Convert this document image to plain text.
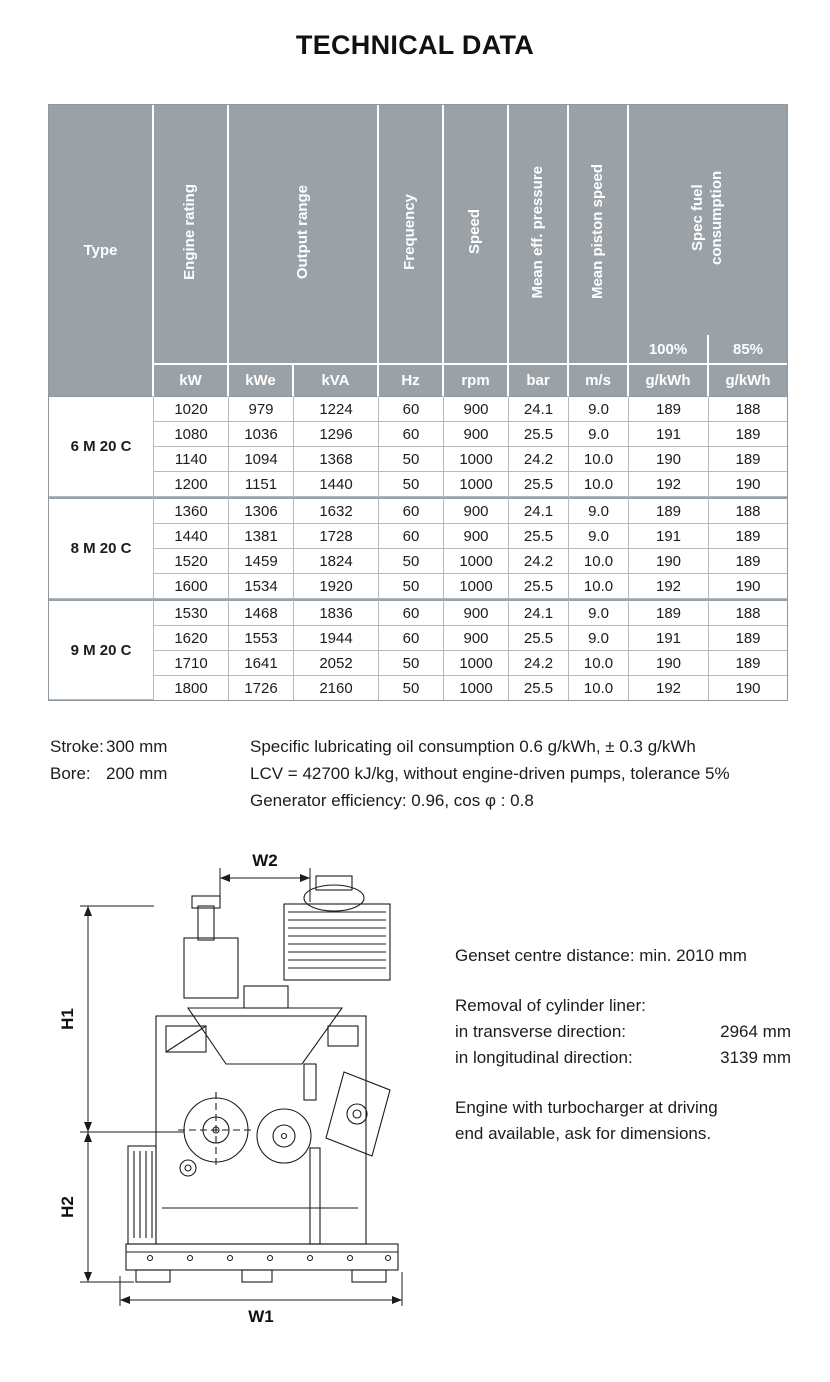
TECHNICAL DATA
Type	Engine rating	Output range		Frequency	Speed	Mean eff. pressure	Mean piston speed	Spec fuel consumption	
								100%	85%
	kW	kWe	kVA	Hz	rpm	bar	m/s	g/kWh	g/kWh
6 M 20 C	1020	979	1224	60	900	24.1	9.0	189	188
	1080	1036	1296	60	900	25.5	9.0	191	189
	1140	1094	1368	50	1000	24.2	10.0	190	189
	1200	1151	1440	50	1000	25.5	10.0	192	190
8 M 20 C	1360	1306	1632	60	900	24.1	9.0	189	188
	1440	1381	1728	60	900	25.5	9.0	191	189
	1520	1459	1824	50	1000	24.2	10.0	190	189
	1600	1534	1920	50	1000	25.5	10.0	192	190
9 M 20 C	1530	1468	1836	60	900	24.1	9.0	189	188
	1620	1553	1944	60	900	25.5	9.0	191	189
	1710	1641	2052	50	1000	24.2	10.0	190	189
	1800	1726	2160	50	1000	25.5	10.0	192	190
Stroke: 300 mm
Bore: 200 mm
Specific lubricating oil consumption 0.6 g/kWh, ± 0.3 g/kWh
LCV = 42700 kJ/kg, without engine-driven pumps, tolerance 5%
Generator efficiency: 0.96, cos φ : 0.8
W2
H1
H2
W1
Genset centre distance: min. 2010 mm
Removal of cylinder liner:
in transverse direction:	2964 mm
in longitudinal direction:	3139 mm
Engine with turbocharger at driving
end available, ask for dimensions.
